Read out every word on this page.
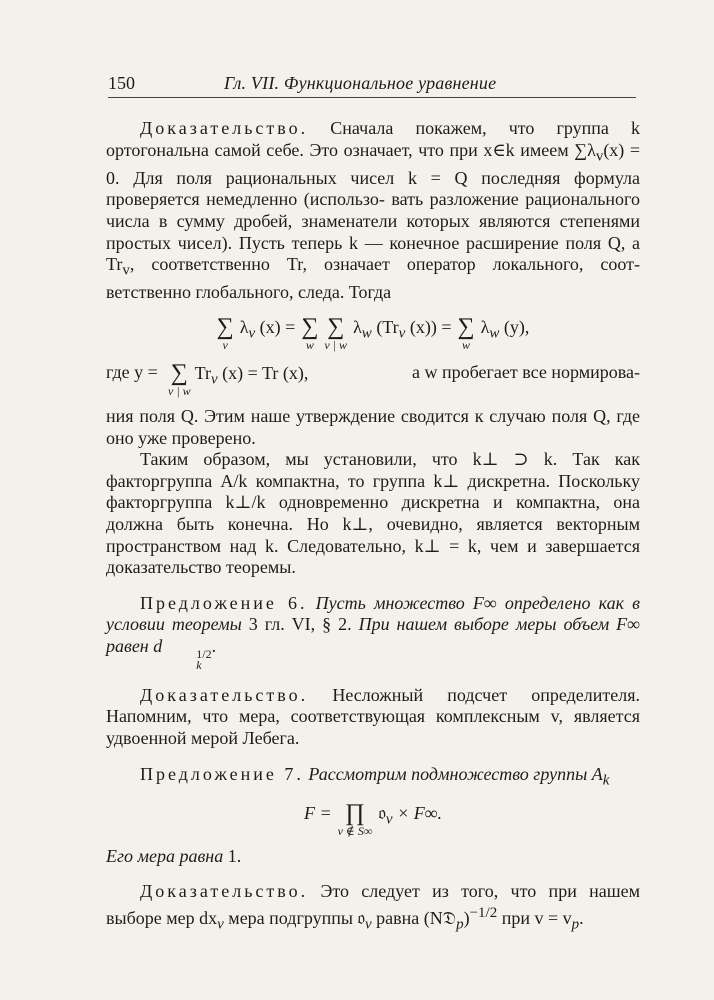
150	Гл. VII. Функциональное уравнение

Доказательство. Сначала покажем, что группа k ортогональна самой себе. Это означает, что при x∈k имеем $\sum\lambda_v(x) = 0$. Для поля рациональных чисел k = Q последняя формула проверяется немедленно (использо- вать разложение рационального числа в сумму дробей, знаменатели которых являются степенями простых чисел). Пусть теперь k — конечное расширение поля Q, а $Tr_v$, соответственно Tr, означает оператор локального, соот- ветственно глобального, следа. Тогда

∑
v
$\lambda_v$ (x) = ∑
w
∑
v | w
$\lambda_w$ ($Tr_v$ (x)) = ∑
w
$\lambda_w$ (y),
где y = ∑
v | w
$Tr_v$ (x) = Tr (x),	а w пробегает все нормирова-

ния поля Q. Этим наше утверждение сводится к случаю поля Q, где оно уже проверено.

Таким образом, мы установили, что k⊥ ⊃ k. Так как факторгруппа A/k компактна, то группа k⊥ дискретна. Поскольку факторгруппа k⊥/k одновременно дискретна и компактна, она должна быть конечна. Но k⊥, очевидно, является векторным пространством над k. Следовательно, k⊥ = k, чем и завершается доказательство теоремы.

Предложение 6. Пусть множество F∞ определено как в условии теоремы 3 гл. VI, § 2. При нашем выборе меры объем F∞ равен d	1/2
k
.

Доказательство. Несложный подсчет определителя. Напомним, что мера, соответствующая комплексным v, является удвоенной мерой Лебега.

Предложение 7. Рассмотрим подмножество группы $A_k$

F = ∏
v ∉ S∞
𝔬$_v$ × F∞.

Его мера равна 1.

Доказательство. Это следует из того, что при нашем выборе мер $dx_v$ мера подгруппы 𝔬$_v$ равна (N𝔇$_p$)$^{-1/2}$ при $v = v_p$.
